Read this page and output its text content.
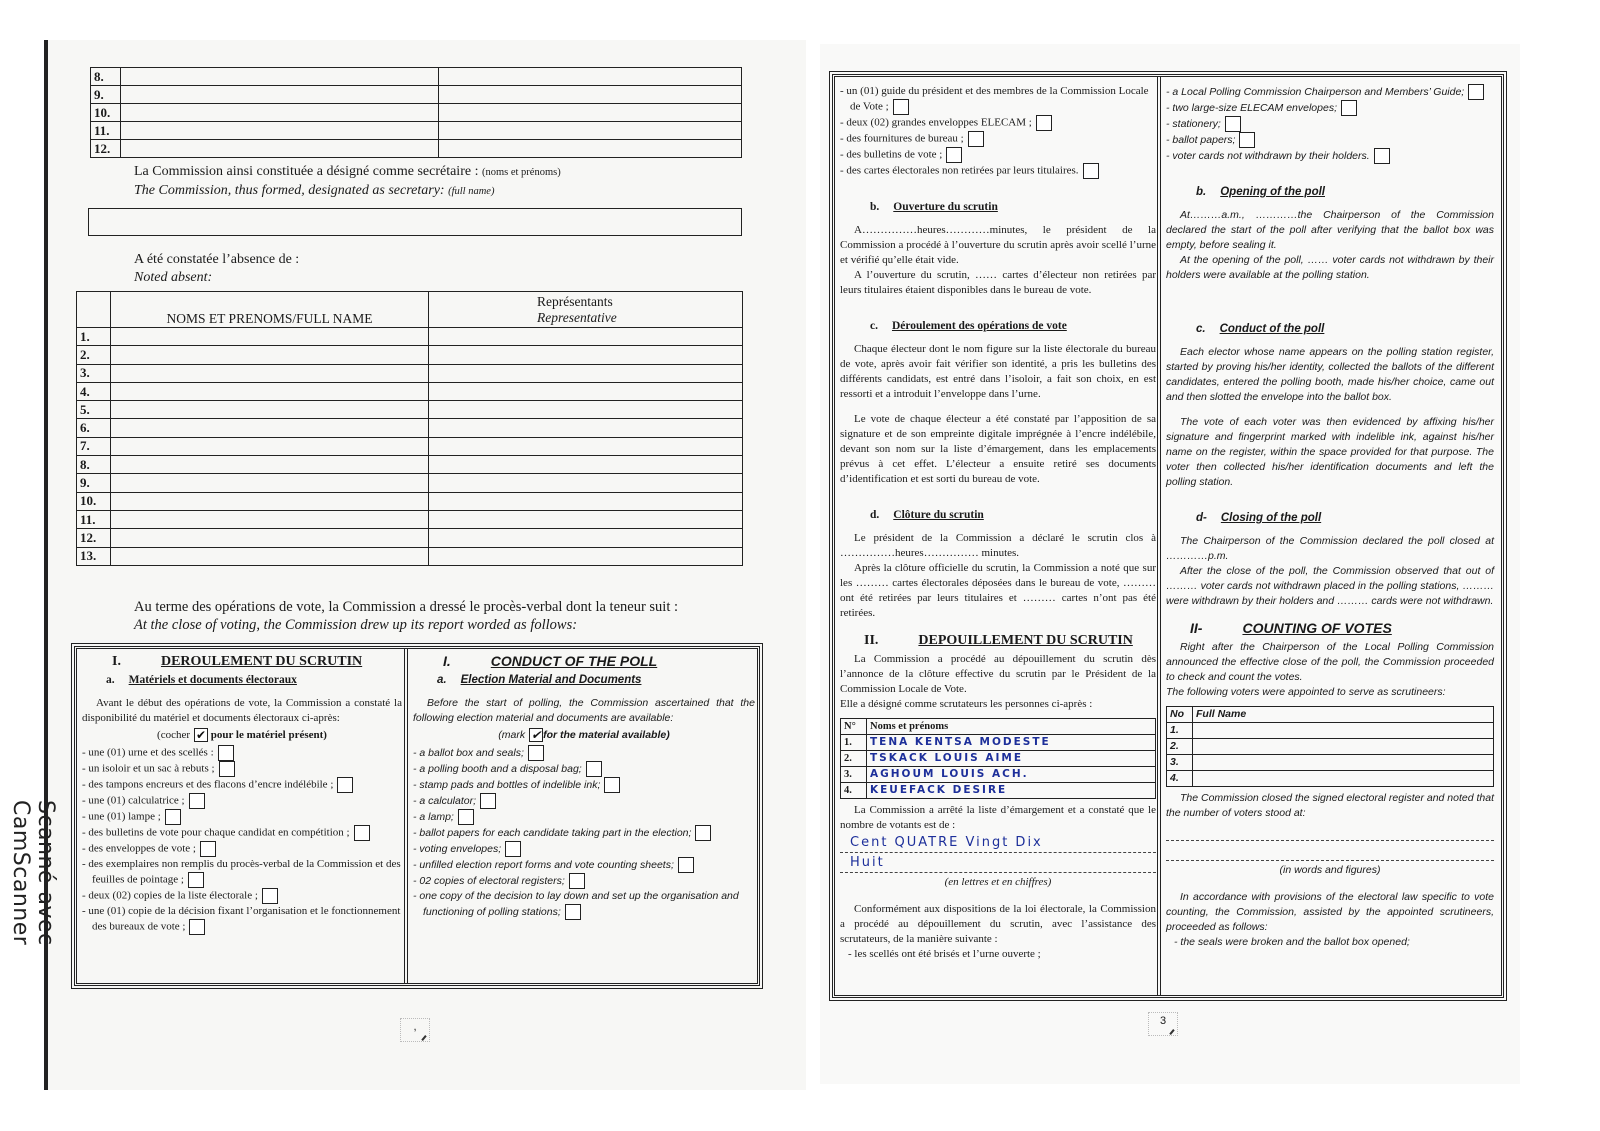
Scanné avec CamScanner
8.		
9.		
10.		
11.		
12.		
La Commission ainsi constituée a désigné comme secrétaire : (noms et prénoms)
The Commission, thus formed, designated as secretary: (full name)
A été constatée l’absence de :
Noted absent:
	NOMS ET PRENOMS/FULL NAME	Représentants
Representative

1.		
2.		
3.		
4.		
5.		
6.		
7.		
8.		
9.		
10.		
11.		
12.		
13.		
Au terme des opérations de vote, la Commission a dressé le procès-verbal dont la teneur suit :
At the close of voting, the Commission drew up its report worded as follows:
I.	DEROULEMENT DU SCRUTIN
a. Matériels et documents électoraux

Avant le début des opérations de vote, la Commission a constaté la disponibilité du matériel et documents électoraux ci-après:

(cocher ✔ pour le matériel présent)
- une (01) urne et des scellés :
- un isoloir et un sac à rebuts ;
- des tampons encreurs et des flacons d’encre indélébile ;
- une (01) calculatrice ;
- une (01) lampe ;
- des bulletins de vote pour chaque candidat en compétition ;
- des enveloppes de vote ;
- des exemplaires non remplis du procès-verbal de la Commission et des feuilles de pointage ;
- deux (02) copies de la liste électorale ;
- une (01) copie de la décision fixant l’organisation et le fonctionnement des bureaux de vote ;
I.	CONDUCT OF THE POLL
a. Election Material and Documents

Before the start of polling, the Commission ascertained that the following election material and documents are available:

(mark ✔ for the material available)
- a ballot box and seals;
- a polling booth and a disposal bag;
- stamp pads and bottles of indelible ink;
- a calculator;
- a lamp;
- ballot papers for each candidate taking part in the election;
- voting envelopes;
- unfilled election report forms and vote counting sheets;
- 02 copies of electoral registers;
- one copy of the decision to lay down and set up the organisation and functioning of polling stations;
,
- un (01) guide du président et des membres de la Commission Locale de Vote ;
- deux (02) grandes enveloppes ELECAM ;
- des fournitures de bureau ;
- des bulletins de vote ;
- des cartes électorales non retirées par leurs titulaires.
b. Ouverture du scrutin

A……………heures…………minutes, le président de la Commission a procédé à l’ouverture du scrutin après avoir scellé l’urne et vérifié qu’elle était vide.

A l’ouverture du scrutin, …… cartes d’électeur non retirées par leurs titulaires étaient disponibles dans le bureau de vote.

c. Déroulement des opérations de vote

Chaque électeur dont le nom figure sur la liste électorale du bureau de vote, après avoir fait vérifier son identité, a pris les bulletins des différents candidats, est entré dans l’isoloir, a fait son choix, en est ressorti et a introduit l’enveloppe dans l’urne.

Le vote de chaque électeur a été constaté par l’apposition de sa signature et de son empreinte digitale imprégnée à l’encre indélébile, devant son nom sur la liste d’émargement, dans les emplacements prévus à cet effet. L’électeur a ensuite retiré ses documents d’identification et est sorti du bureau de vote.

d. Clôture du scrutin

Le président de la Commission a déclaré le scrutin clos à ……………heures…………… minutes.

Après la clôture officielle du scrutin, la Commission a noté que sur les ……… cartes électorales déposées dans le bureau de vote, ……… ont été retirées par leurs titulaires et ……… cartes n’ont pas été retirées.

II.	DEPOUILLEMENT DU SCRUTIN

La Commission a procédé au dépouillement du scrutin dès l’annonce de la clôture effective du scrutin par le Président de la Commission Locale de Vote.

Elle a désigné comme scrutateurs les personnes ci-après :

N°	Noms et prénoms
1.	TENA KENTSA MODESTE
2.	TSKACK LOUIS AIME
3.	AGHOUM LOUIS ACH.
4.	KEUEFACK DESIRE

La Commission a arrêté la liste d’émargement et a constaté que le nombre de votants est de :

Cent QUATRE Vingt Dix
Huit
(en lettres et en chiffres)

Conformément aux dispositions de la loi électorale, la Commission a procédé au dépouillement du scrutin, avec l’assistance des scrutateurs, de la manière suivante :

- les scellés ont été brisés et l’urne ouverte ;

- a Local Polling Commission Chairperson and Members’ Guide;
- two large-size ELECAM envelopes;
- stationery;
- ballot papers;
- voter cards not withdrawn by their holders.
b. Opening of the poll

At………a.m., …………the Chairperson of the Commission declared the start of the poll after verifying that the ballot box was empty, before sealing it.

At the opening of the poll, …… voter cards not withdrawn by their holders were available at the polling station.

c. Conduct of the poll

Each elector whose name appears on the polling station register, started by proving his/her identity, collected the ballots of the different candidates, entered the polling booth, made his/her choice, came out and then slotted the envelope into the ballot box.

The vote of each voter was then evidenced by affixing his/her signature and fingerprint marked with indelible ink, against his/her name on the register, within the space provided for that purpose. The voter then collected his/her identification documents and left the polling station.

d- Closing of the poll

The Chairperson of the Commission declared the poll closed at …………p.m.

After the close of the poll, the Commission observed that out of ……… voter cards not withdrawn placed in the polling stations, ……… were withdrawn by their holders and ……… cards were not withdrawn.

II-	COUNTING OF VOTES

Right after the Chairperson of the Local Polling Commission announced the effective close of the poll, the Commission proceeded to check and count the votes.

The following voters were appointed to serve as scrutineers:

No	Full Name
1.	
2.	
3.	
4.	

The Commission closed the signed electoral register and noted that the number of voters stood at:

(in words and figures)

In accordance with provisions of the electoral law specific to vote counting, the Commission, assisted by the appointed scrutineers, proceeded as follows:

- the seals were broken and the ballot box opened;

3
